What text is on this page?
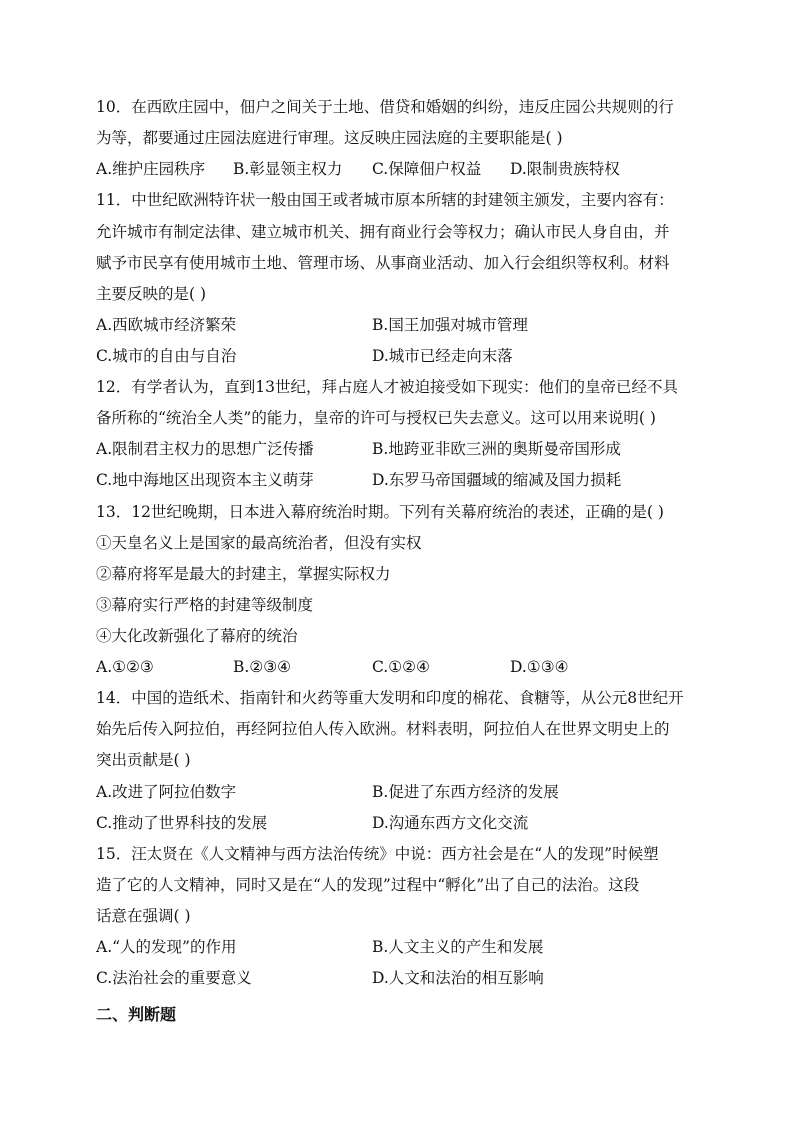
10．在西欧庄园中，佃户之间关于土地、借贷和婚姻的纠纷，违反庄园公共规则的行
为等，都要通过庄园法庭进行审理。这反映庄园法庭的主要职能是( )
A.维护庄园秩序 B.彰显领主权力 C.保障佃户权益 D.限制贵族特权
11．中世纪欧洲特许状一般由国王或者城市原本所辖的封建领主颁发，主要内容有：
允许城市有制定法律、建立城市机关、拥有商业行会等权力；确认市民人身自由，并
赋予市民享有使用城市土地、管理市场、从事商业活动、加入行会组织等权利。材料
主要反映的是( )
A.西欧城市经济繁荣	B.国王加强对城市管理
C.城市的自由与自治	D.城市已经走向末落
12．有学者认为，直到13世纪，拜占庭人才被迫接受如下现实：他们的皇帝已经不具
备所称的“统治全人类”的能力，皇帝的许可与授权已失去意义。这可以用来说明( )
A.限制君主权力的思想广泛传播	B.地跨亚非欧三洲的奥斯曼帝国形成
C.地中海地区出现资本主义萌芽	D.东罗马帝国疆域的缩减及国力损耗
13．12世纪晚期，日本进入幕府统治时期。下列有关幕府统治的表述，正确的是( )
①天皇名义上是国家的最高统治者，但没有实权
②幕府将军是最大的封建主，掌握实际权力
③幕府实行严格的封建等级制度
④大化改新强化了幕府的统治
A.①②③	B.②③④	C.①②④	D.①③④
14．中国的造纸术、指南针和火药等重大发明和印度的棉花、食糖等，从公元8世纪开
始先后传入阿拉伯，再经阿拉伯人传入欧洲。材料表明，阿拉伯人在世界文明史上的
突出贡献是( )
A.改进了阿拉伯数字	B.促进了东西方经济的发展
C.推动了世界科技的发展	D.沟通东西方文化交流
15．汪太贤在《人文精神与西方法治传统》中说：西方社会是在“人的发现”时候塑
造了它的人文精神，同时又是在“人的发现”过程中“孵化”出了自己的法治。这段
话意在强调( )
A.“人的发现”的作用	B.人文主义的产生和发展
C.法治社会的重要意义	D.人文和法治的相互影响
二、判断题
